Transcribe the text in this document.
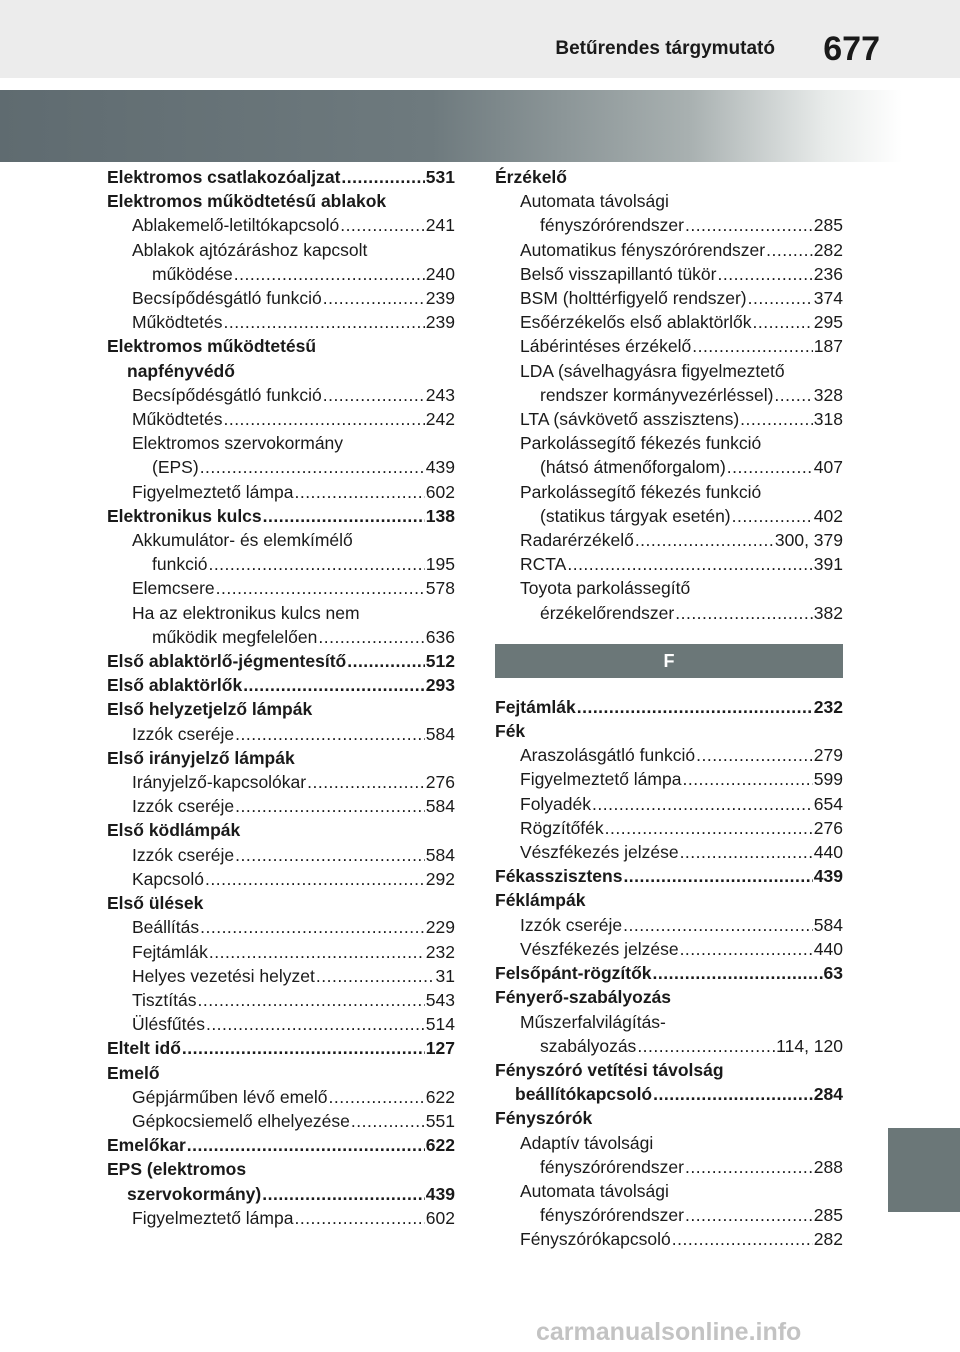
Betűrendes tárgymutató 677
Elektromos csatlakozóaljzat .....	531
Elektromos működtetésű ablakok
Ablakemelő-letiltókapcsoló .....	241
Ablakok ajtózáráshoz kapcsolt
működése .....	240
Becsípődésgátló funkció .....	239
Működtetés .....	239
Elektromos működtetésű
napfényvédő
Becsípődésgátló funkció .....	243
Működtetés .....	242
Elektromos szervokormány
(EPS) .....	439
Figyelmeztető lámpa .....	602
Elektronikus kulcs .....	138
Akkumulátor- és elemkímélő
funkció .....	195
Elemcsere .....	578
Ha az elektronikus kulcs nem
működik megfelelően .....	636
Első ablaktörlő-jégmentesítő .....	512
Első ablaktörlők .....	293
Első helyzetjelző lámpák
Izzók cseréje .....	584
Első irányjelző lámpák
Irányjelző-kapcsolókar .....	276
Izzók cseréje .....	584
Első ködlámpák
Izzók cseréje .....	584
Kapcsoló .....	292
Első ülések
Beállítás .....	229
Fejtámlák .....	232
Helyes vezetési helyzet .....	31
Tisztítás .....	543
Ülésfűtés .....	514
Eltelt idő .....	127
Emelő
Gépjárműben lévő emelő .....	622
Gépkocsiemelő elhelyezése .....	551
Emelőkar .....	622
EPS (elektromos
szervokormány) .....	439
Figyelmeztető lámpa .....	602
Érzékelő
Automata távolsági
fényszórórendszer .....	285
Automatikus fényszórórendszer .....	282
Belső visszapillantó tükör .....	236
BSM (holttérfigyelő rendszer) .....	374
Esőérzékelős első ablaktörlők .....	295
Lábérintéses érzékelő .....	187
LDA (sávelhagyásra figyelmeztető
rendszer kormányvezérléssel) ..... 328
LTA (sávkövető asszisztens) .....	318
Parkolássegítő fékezés funkció
(hátsó átmenőforgalom) .....	407
Parkolássegítő fékezés funkció
(statikus tárgyak esetén) .....	402
Radarérzékelő .....	300, 379
RCTA .....	391
Toyota parkolássegítő
érzékelőrendszer .....	382
F
Fejtámlák .....	232
Fék
Araszolásgátló funkció .....	279
Figyelmeztető lámpa .....	599
Folyadék .....	654
Rögzítőfék .....	276
Vészfékezés jelzése .....	440
Fékasszisztens .....	439
Féklámpák
Izzók cseréje .....	584
Vészfékezés jelzése .....	440
Felsőpánt-rögzítők .....	63
Fényerő-szabályozás
Műszerfalvilágítás-
szabályozás .....	114, 120
Fényszóró vetítési távolság
beállítókapcsoló .....	284
Fényszórók
Adaptív távolsági
fényszórórendszer .....	288
Automata távolsági
fényszórórendszer .....	285
Fényszórókapcsoló .....	282
carmanualsonline.info
